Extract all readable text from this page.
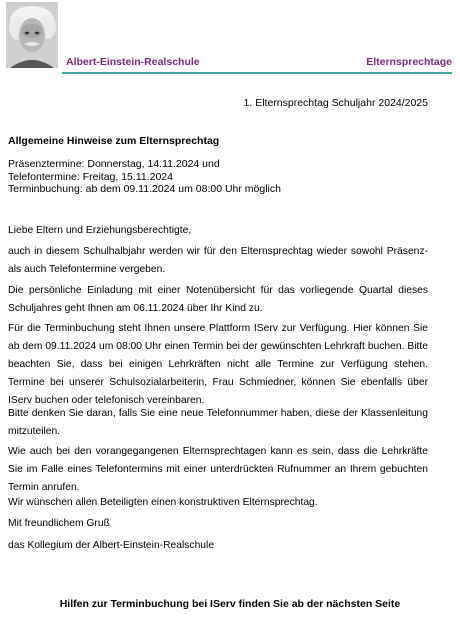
Albert-Einstein-Realschule	Elternsprechtage
1. Elternsprechtag Schuljahr 2024/2025
Allgemeine Hinweise zum Elternsprechtag
Präsenztermine: Donnerstag, 14.11.2024 und
Telefontermine: Freitag, 15.11.2024
Terminbuchung: ab dem 09.11.2024 um 08:00 Uhr möglich
Liebe Eltern und Erziehungsberechtigte,
auch in diesem Schulhalbjahr werden wir für den Elternsprechtag wieder sowohl Präsenz- als auch Telefontermine vergeben.
Die persönliche Einladung mit einer Notenübersicht für das vorliegende Quartal dieses Schuljahres geht Ihnen am 06.11.2024 über Ihr Kind zu.
Für die Terminbuchung steht Ihnen unsere Plattform IServ zur Verfügung. Hier können Sie ab dem 09.11.2024 um 08:00 Uhr einen Termin bei der gewünschten Lehrkraft buchen. Bitte beachten Sie, dass bei einigen Lehrkräften nicht alle Termine zur Verfügung stehen. Termine bei unserer Schulsozialarbeiterin, Frau Schmiedner, können Sie ebenfalls über IServ buchen oder telefonisch vereinbaren.
Bitte denken Sie daran, falls Sie eine neue Telefonnummer haben, diese der Klassenleitung mitzuteilen.
Wie auch bei den vorangegangenen Elternsprechtagen kann es sein, dass die Lehrkräfte Sie im Falle eines Telefontermins mit einer unterdrückten Rufnummer an Ihrem gebuchten Termin anrufen.
Wir wünschen allen Beteiligten einen konstruktiven Elternsprechtag.
Mit freundlichem Gruß
das Kollegium der Albert-Einstein-Realschule
Hilfen zur Terminbuchung bei IServ finden Sie ab der nächsten Seite
